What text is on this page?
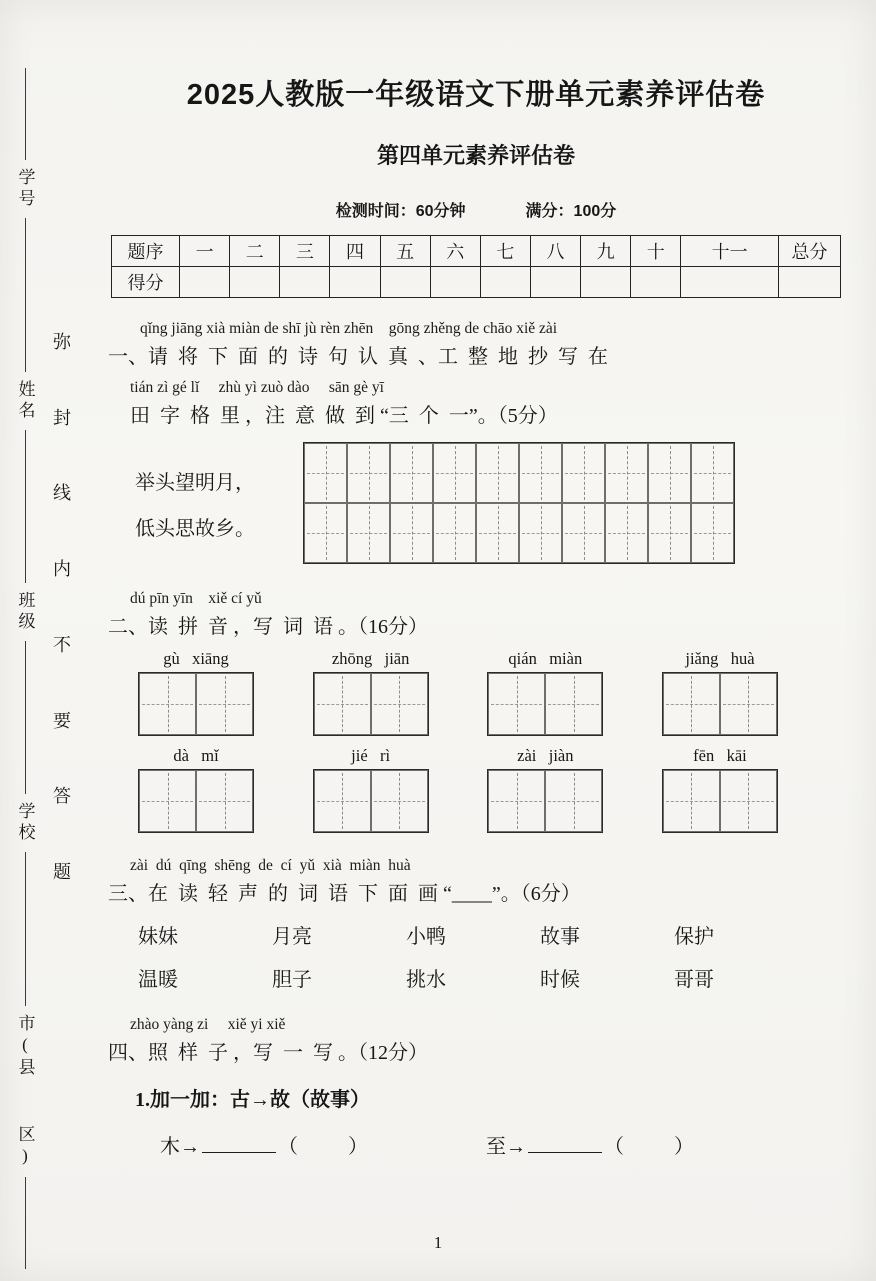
学号
姓名
班级
学校
市(县  区)
弥
封
线
内
不
要
答
题
2025人教版一年级语文下册单元素养评估卷
第四单元素养评估卷
检测时间：60分钟	满分：100分
题序	一	二	三	四	五	六	七	八	九	十	十一	总分
得分												
qǐng jiāng xià miàn de shī jù rèn zhēn    gōng zhěng de chāo xiě zài
一、请  将  下  面  的  诗  句  认  真  、工  整  地  抄  写  在
tián zì gé lǐ     zhù yì zuò dào     sān gè yī
田  字  格  里 ，注  意  做  到 “三  个  一”。（5分）
举头望明月，
低头思故乡。
dú pīn yīn    xiě cí yǔ
二、读  拼  音 ，写  词  语 。（16分）
gù   xiāng	zhōng   jiān	qián   miàn	jiǎng   huà
dà   mǐ	jié   rì	zài   jiàn	fēn   kāi
zài  dú  qīng  shēng  de  cí  yǔ  xià  miàn  huà
三、在  读  轻  声  的  词  语  下  面  画 “____”。（6分）
妹妹	月亮	小鸭	故事	保护
温暖	胆子	挑水	时候	哥哥
zhào yàng zi     xiě yi xiě
四、照  样  子 ，写  一  写 。（12分）
1.加一加：古→故（故事）
木→	（          ）	至→	（          ）
1
